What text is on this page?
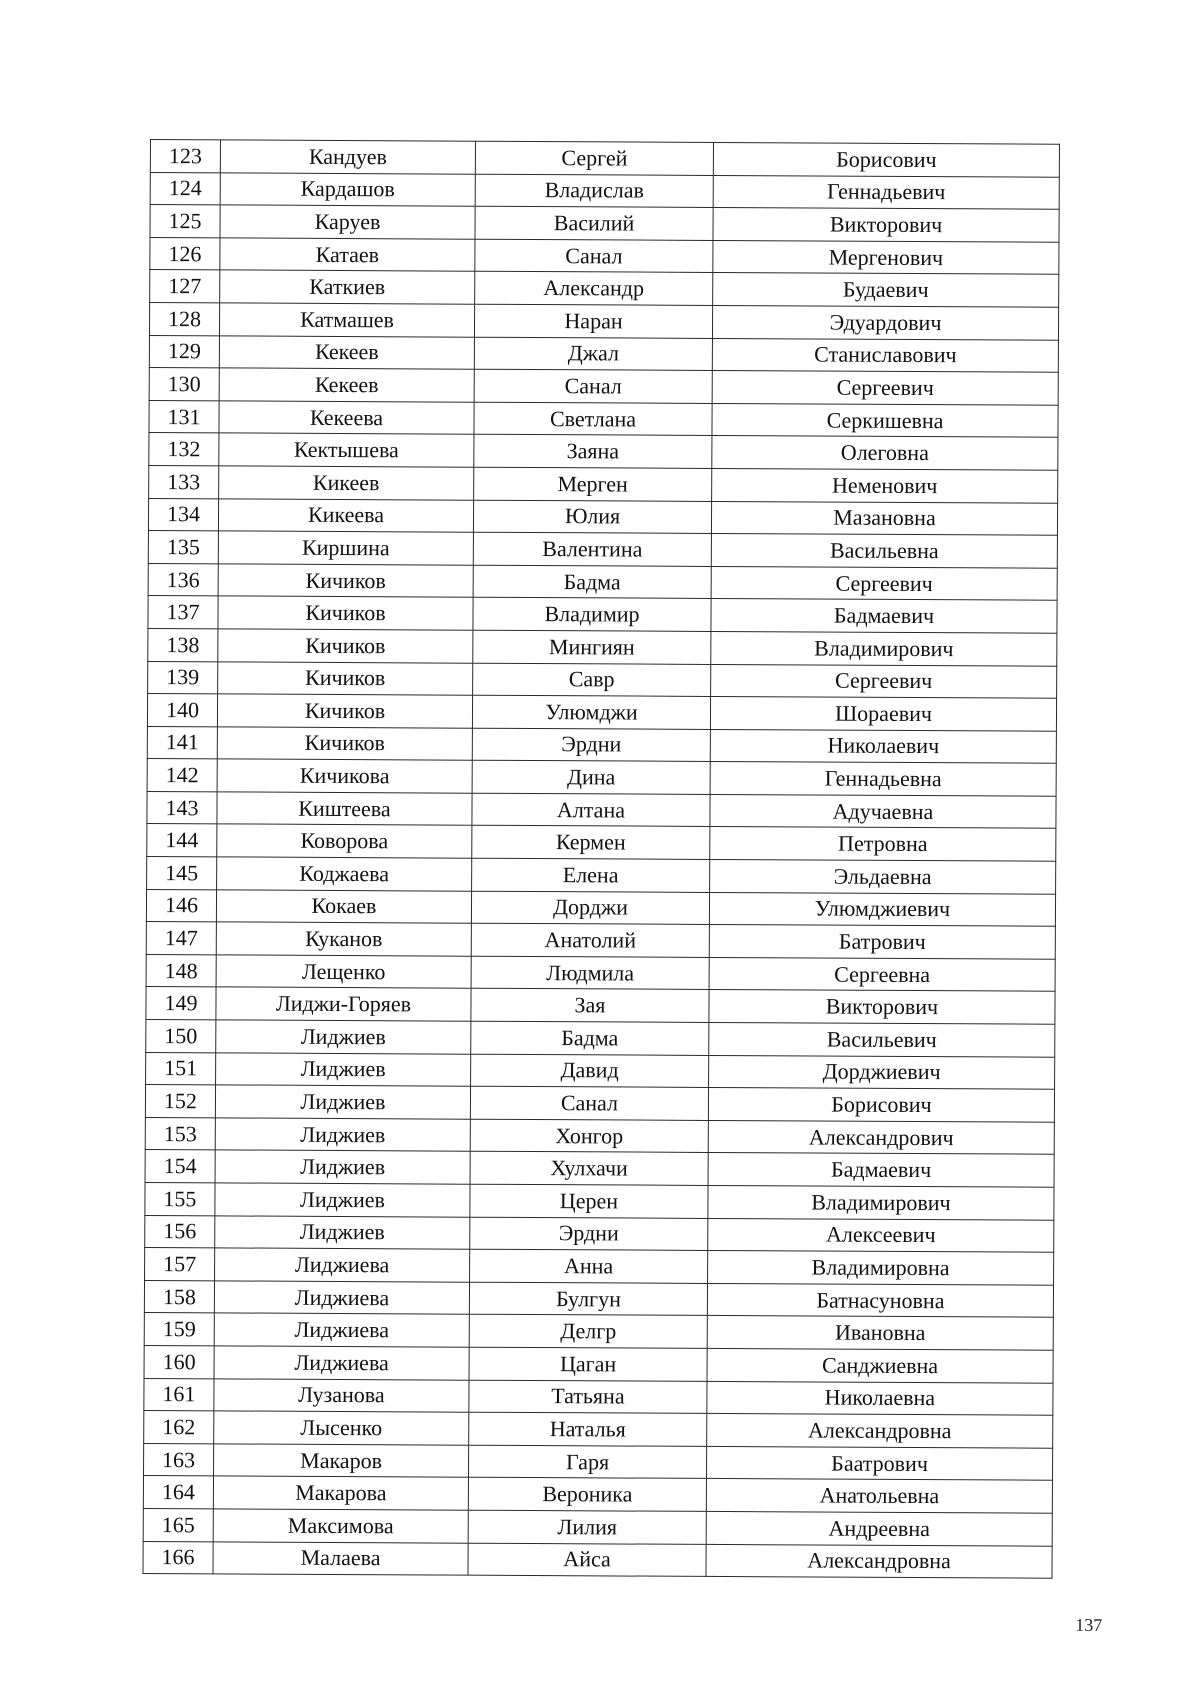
123	Кандуев	Сергей	Борисович
124	Кардашов	Владислав	Геннадьевич
125	Каруев	Василий	Викторович
126	Катаев	Санал	Мергенович
127	Каткиев	Александр	Будаевич
128	Катмашев	Наран	Эдуардович
129	Кекеев	Джал	Станиславович
130	Кекеев	Санал	Сергеевич
131	Кекеева	Светлана	Серкишевна
132	Кектышева	Заяна	Олеговна
133	Кикеев	Мерген	Неменович
134	Кикеева	Юлия	Мазановна
135	Киршина	Валентина	Васильевна
136	Кичиков	Бадма	Сергеевич
137	Кичиков	Владимир	Бадмаевич
138	Кичиков	Мингиян	Владимирович
139	Кичиков	Савр	Сергеевич
140	Кичиков	Улюмджи	Шораевич
141	Кичиков	Эрдни	Николаевич
142	Кичикова	Дина	Геннадьевна
143	Киштеева	Алтана	Адучаевна
144	Коворова	Кермен	Петровна
145	Коджаева	Елена	Эльдаевна
146	Кокаев	Дорджи	Улюмджиевич
147	Куканов	Анатолий	Батрович
148	Лещенко	Людмила	Сергеевна
149	Лиджи-Горяев	Зая	Викторович
150	Лиджиев	Бадма	Васильевич
151	Лиджиев	Давид	Дорджиевич
152	Лиджиев	Санал	Борисович
153	Лиджиев	Хонгор	Александрович
154	Лиджиев	Хулхачи	Бадмаевич
155	Лиджиев	Церен	Владимирович
156	Лиджиев	Эрдни	Алексеевич
157	Лиджиева	Анна	Владимировна
158	Лиджиева	Булгун	Батнасуновна
159	Лиджиева	Делгр	Ивановна
160	Лиджиева	Цаган	Санджиевна
161	Лузанова	Татьяна	Николаевна
162	Лысенко	Наталья	Александровна
163	Макаров	Гаря	Баатрович
164	Макарова	Вероника	Анатольевна
165	Максимова	Лилия	Андреевна
166	Малаева	Айса	Александровна
137
